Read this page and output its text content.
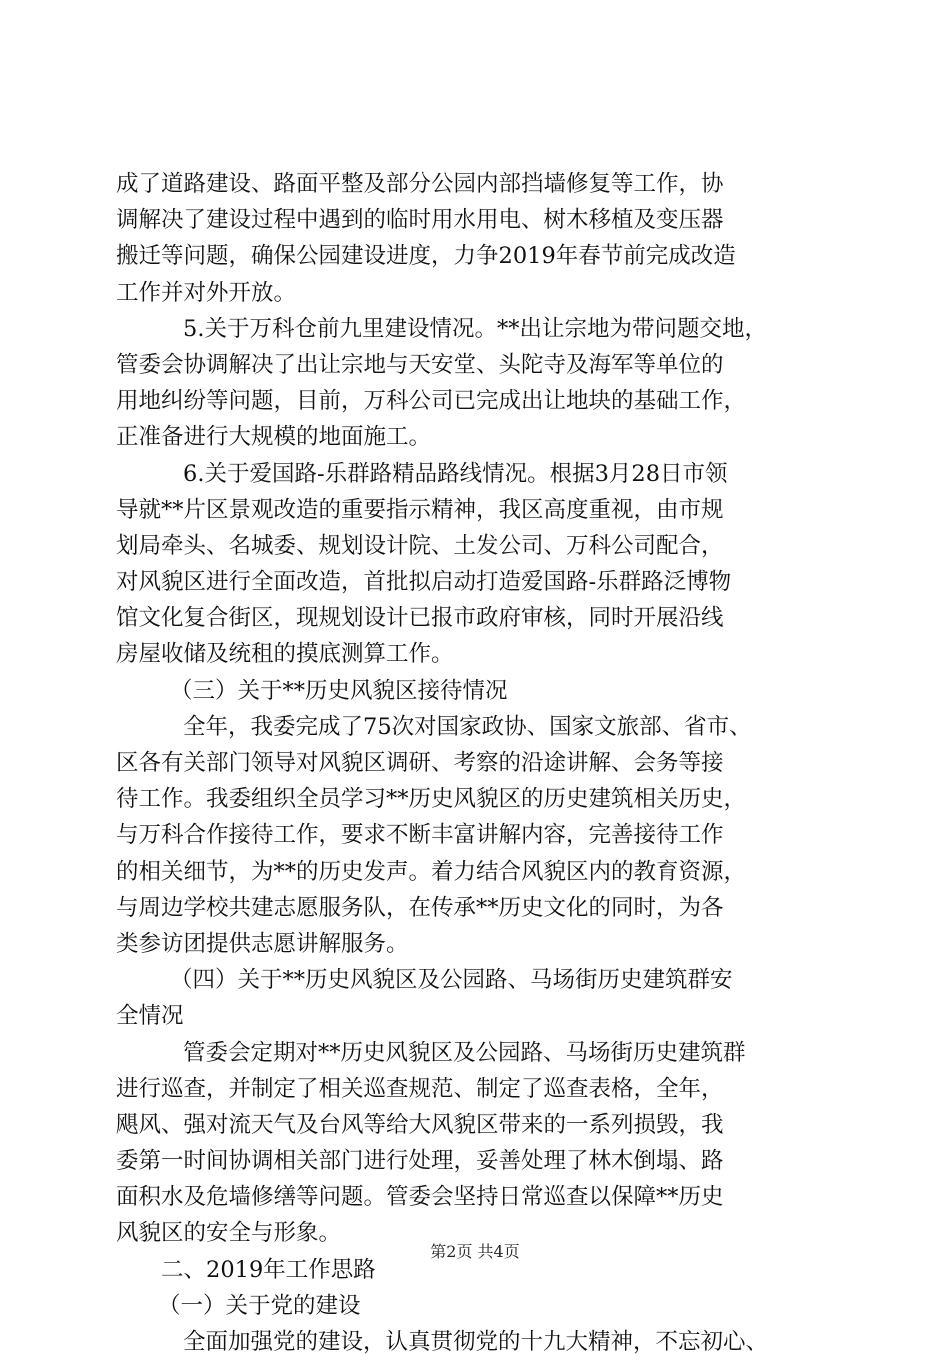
成了道路建设、路面平整及部分公园内部挡墙修复等工作，协
调解决了建设过程中遇到的临时用水用电、树木移植及变压器
搬迁等问题，确保公园建设进度，力争2019年春节前完成改造
工作并对外开放。
5.关于万科仓前九里建设情况。**出让宗地为带问题交地，
管委会协调解决了出让宗地与天安堂、头陀寺及海军等单位的
用地纠纷等问题，目前，万科公司已完成出让地块的基础工作，
正准备进行大规模的地面施工。
6.关于爱国路-乐群路精品路线情况。根据3月28日市领
导就**片区景观改造的重要指示精神，我区高度重视，由市规
划局牵头、名城委、规划设计院、土发公司、万科公司配合，
对风貌区进行全面改造，首批拟启动打造爱国路-乐群路泛博物
馆文化复合街区，现规划设计已报市政府审核，同时开展沿线
房屋收储及统租的摸底测算工作。
（三）关于**历史风貌区接待情况
全年，我委完成了75次对国家政协、国家文旅部、省市、
区各有关部门领导对风貌区调研、考察的沿途讲解、会务等接
待工作。我委组织全员学习**历史风貌区的历史建筑相关历史，
与万科合作接待工作，要求不断丰富讲解内容，完善接待工作
的相关细节，为**的历史发声。着力结合风貌区内的教育资源，
与周边学校共建志愿服务队，在传承**历史文化的同时，为各
类参访团提供志愿讲解服务。
（四）关于**历史风貌区及公园路、马场街历史建筑群安
全情况
管委会定期对**历史风貌区及公园路、马场街历史建筑群
进行巡查，并制定了相关巡查规范、制定了巡查表格，全年，
飓风、强对流天气及台风等给大风貌区带来的一系列损毁，我
委第一时间协调相关部门进行处理，妥善处理了林木倒塌、路
面积水及危墙修缮等问题。管委会坚持日常巡查以保障**历史
风貌区的安全与形象。
二、2019年工作思路
（一）关于党的建设
全面加强党的建设，认真贯彻党的十九大精神，不忘初心、
第2页 共4页
